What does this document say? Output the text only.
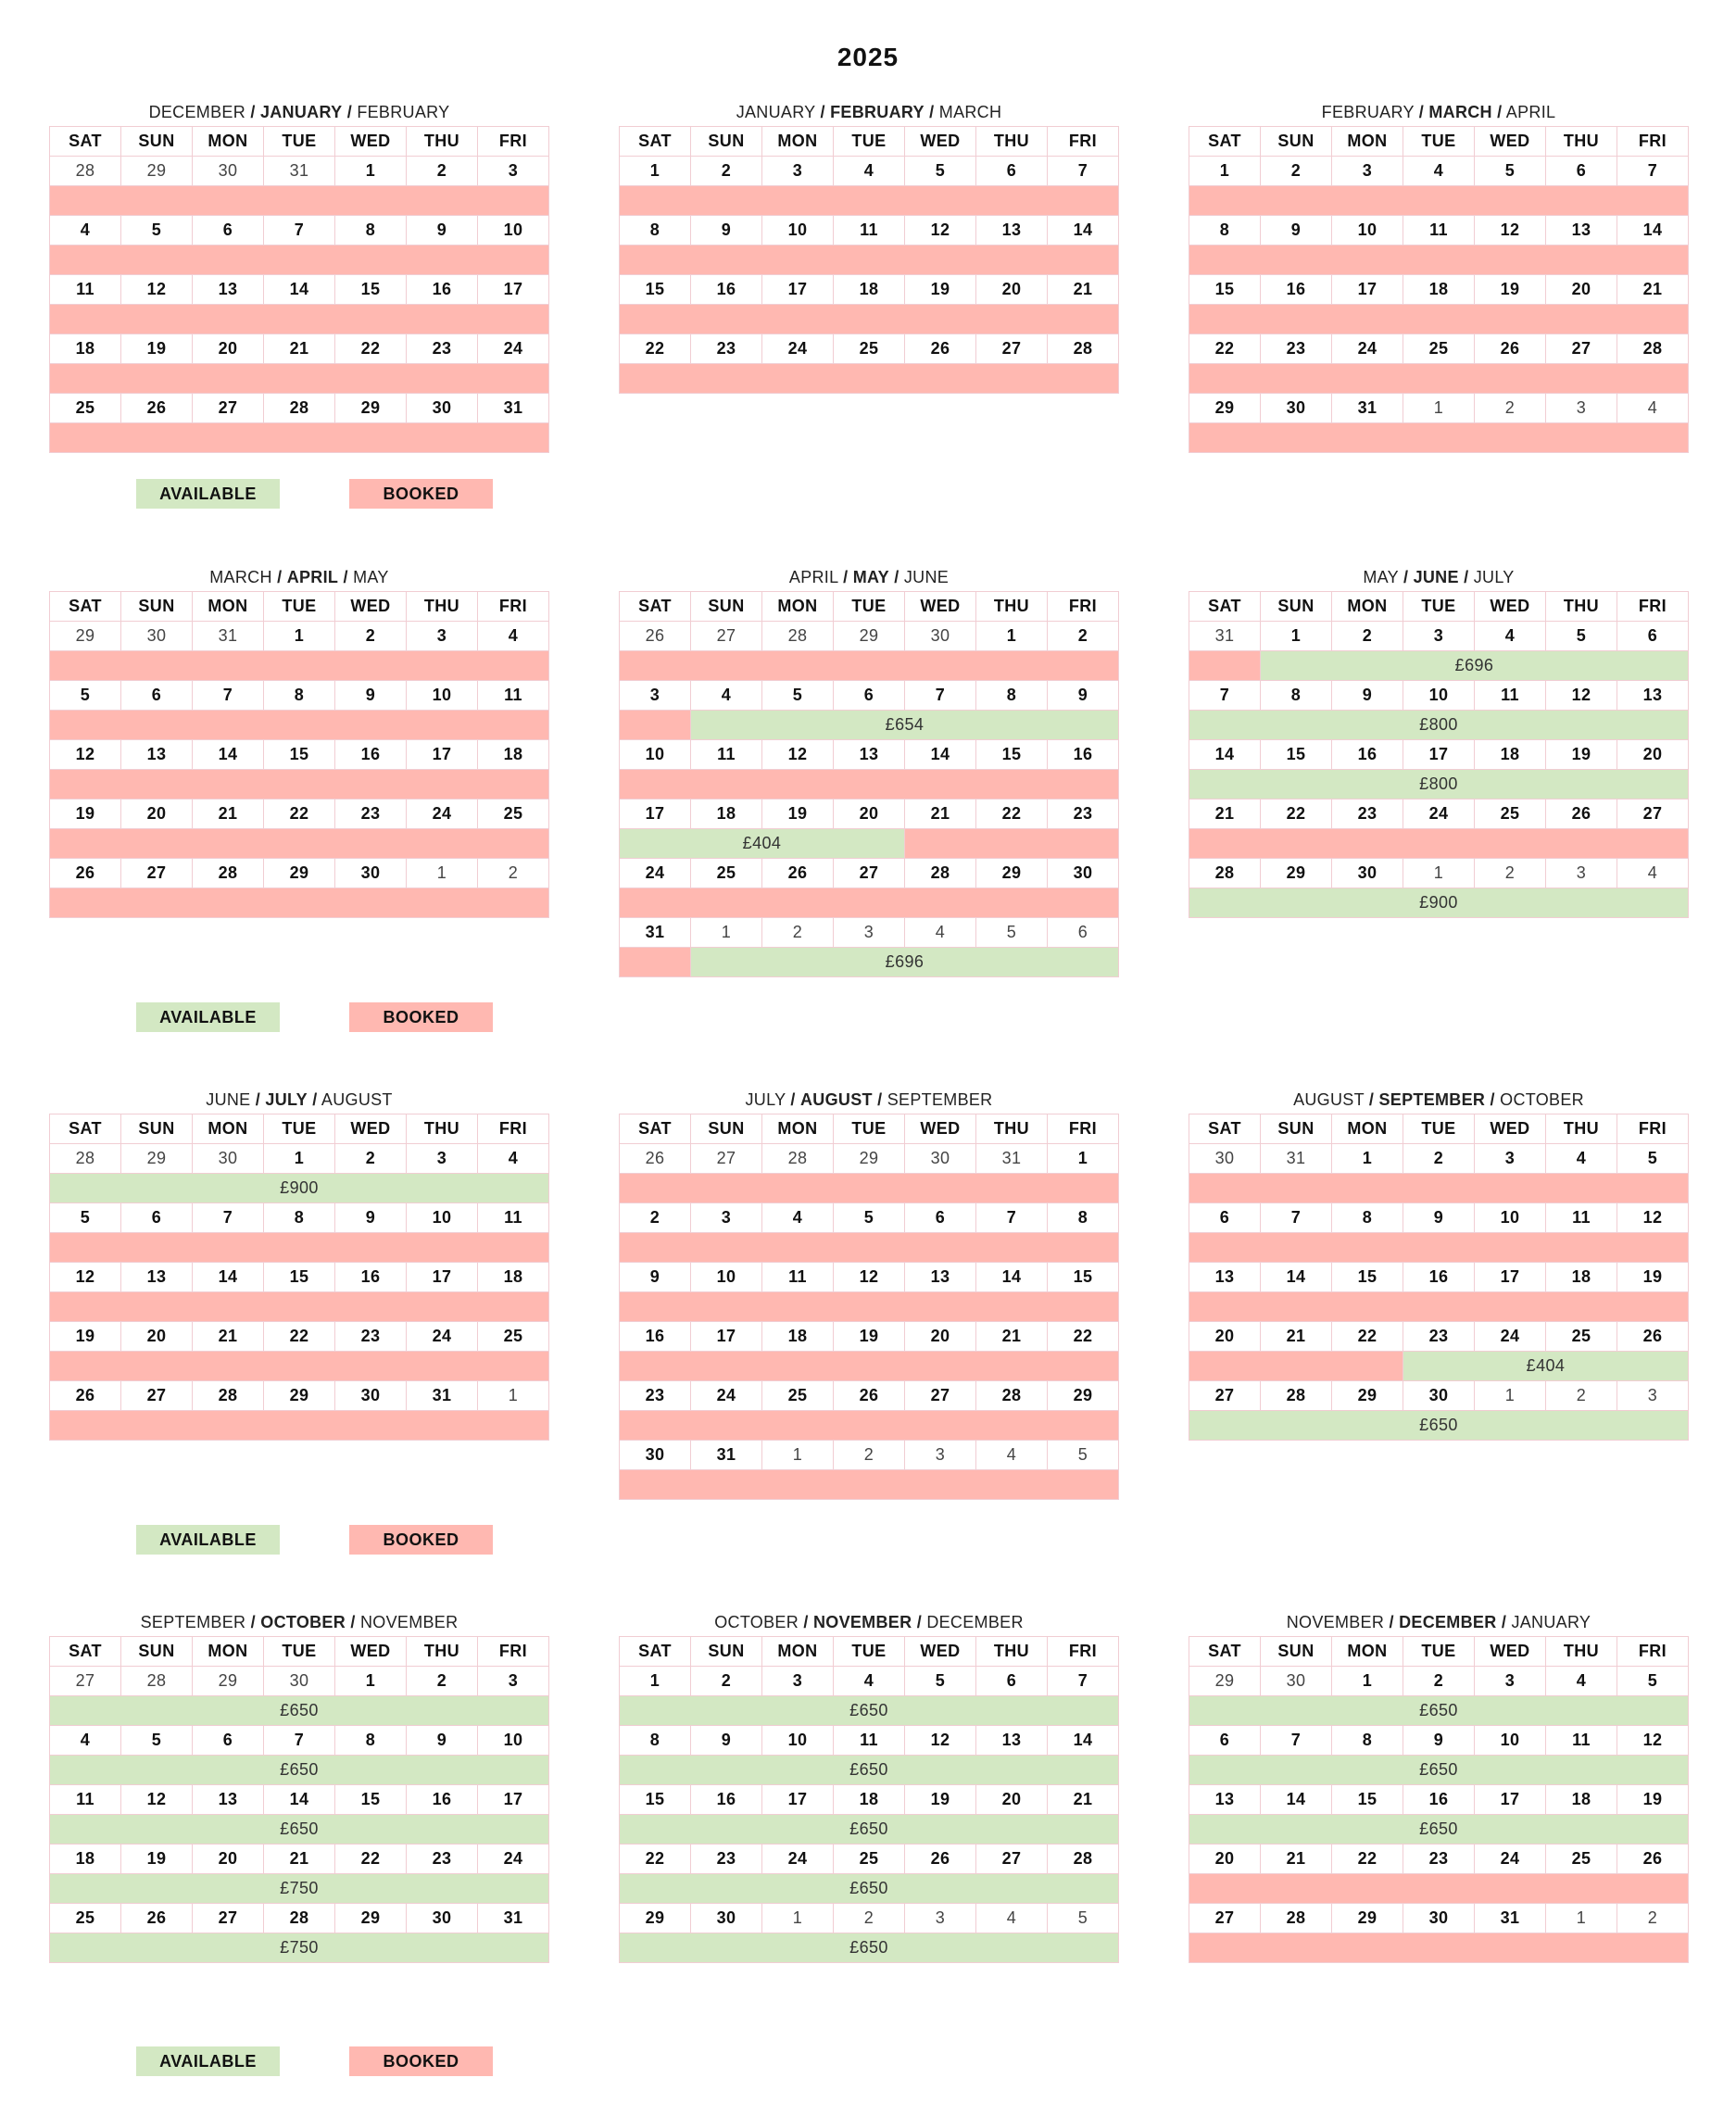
2025
DECEMBER / JANUARY / FEBRUARY
SAT	SUN	MON	TUE	WED	THU	FRI
28	29	30	31	1	2	3

4	5	6	7	8	9	10

11	12	13	14	15	16	17

18	19	20	21	22	23	24

25	26	27	28	29	30	31

JANUARY / FEBRUARY / MARCH
SAT	SUN	MON	TUE	WED	THU	FRI
1	2	3	4	5	6	7

8	9	10	11	12	13	14

15	16	17	18	19	20	21

22	23	24	25	26	27	28

FEBRUARY / MARCH / APRIL
SAT	SUN	MON	TUE	WED	THU	FRI
1	2	3	4	5	6	7

8	9	10	11	12	13	14

15	16	17	18	19	20	21

22	23	24	25	26	27	28

29	30	31	1	2	3	4

MARCH / APRIL / MAY
SAT	SUN	MON	TUE	WED	THU	FRI
29	30	31	1	2	3	4

5	6	7	8	9	10	11

12	13	14	15	16	17	18

19	20	21	22	23	24	25

26	27	28	29	30	1	2

APRIL / MAY / JUNE
SAT	SUN	MON	TUE	WED	THU	FRI
26	27	28	29	30	1	2

3	4	5	6	7	8	9
	£654					
10	11	12	13	14	15	16

17	18	19	20	21	22	23
£404						
24	25	26	27	28	29	30

31	1	2	3	4	5	6
	£696					
MAY / JUNE / JULY
SAT	SUN	MON	TUE	WED	THU	FRI
31	1	2	3	4	5	6
	£696					
7	8	9	10	11	12	13
£800						
14	15	16	17	18	19	20
£800						
21	22	23	24	25	26	27

28	29	30	1	2	3	4
£900						
JUNE / JULY / AUGUST
SAT	SUN	MON	TUE	WED	THU	FRI
28	29	30	1	2	3	4
£900						
5	6	7	8	9	10	11

12	13	14	15	16	17	18

19	20	21	22	23	24	25

26	27	28	29	30	31	1

JULY / AUGUST / SEPTEMBER
SAT	SUN	MON	TUE	WED	THU	FRI
26	27	28	29	30	31	1

2	3	4	5	6	7	8

9	10	11	12	13	14	15

16	17	18	19	20	21	22

23	24	25	26	27	28	29

30	31	1	2	3	4	5

AUGUST / SEPTEMBER / OCTOBER
SAT	SUN	MON	TUE	WED	THU	FRI
30	31	1	2	3	4	5

6	7	8	9	10	11	12

13	14	15	16	17	18	19

20	21	22	23	24	25	26
			£404			
27	28	29	30	1	2	3
£650						
SEPTEMBER / OCTOBER / NOVEMBER
SAT	SUN	MON	TUE	WED	THU	FRI
27	28	29	30	1	2	3
£650						
4	5	6	7	8	9	10
£650						
11	12	13	14	15	16	17
£650						
18	19	20	21	22	23	24
£750						
25	26	27	28	29	30	31
£750						
OCTOBER / NOVEMBER / DECEMBER
SAT	SUN	MON	TUE	WED	THU	FRI
1	2	3	4	5	6	7
£650						
8	9	10	11	12	13	14
£650						
15	16	17	18	19	20	21
£650						
22	23	24	25	26	27	28
£650						
29	30	1	2	3	4	5
£650						
NOVEMBER / DECEMBER / JANUARY
SAT	SUN	MON	TUE	WED	THU	FRI
29	30	1	2	3	4	5
£650						
6	7	8	9	10	11	12
£650						
13	14	15	16	17	18	19
£650						
20	21	22	23	24	25	26

27	28	29	30	31	1	2

AVAILABLE	BOOKED
AVAILABLE	BOOKED
AVAILABLE	BOOKED
AVAILABLE	BOOKED
